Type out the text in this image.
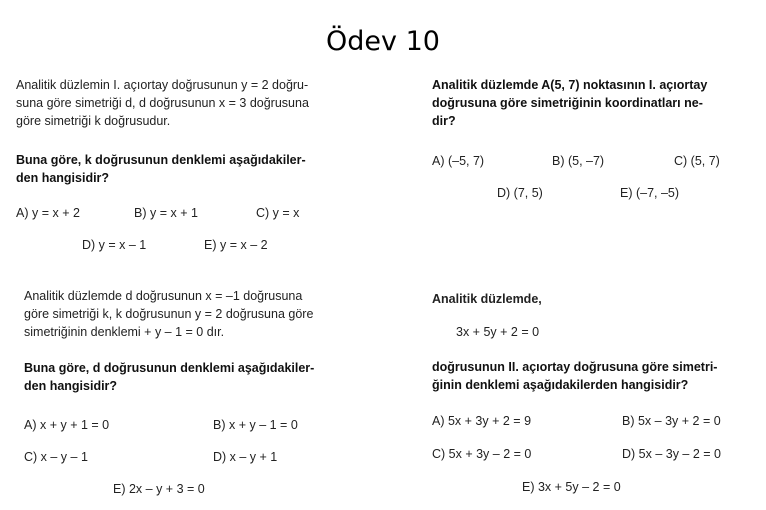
Ödev 10

Analitik düzlemin I. açıortay doğrusunun y = 2 doğru-

suna göre simetriği d, d doğrusunun x = 3 doğrusuna

göre simetriği k doğrusudur.

Buna göre, k doğrusunun denklemi aşağıdakiler-

den hangisidir?

A) y = x + 2	B) y = x + 1	C) y = x
D) y = x – 1	E) y = x – 2

Analitik düzlemde A(5, 7) noktasının I. açıortay

doğrusuna göre simetriğinin koordinatları ne-

dir?

A) (–5, 7)	B) (5, –7)	C) (5, 7)
D) (7, 5)	E) (–7, –5)

Analitik düzlemde d doğrusunun x = –1 doğrusuna

göre simetriği k, k doğrusunun y = 2 doğrusuna göre

simetriğinin denklemi + y – 1 = 0 dır.

Buna göre, d doğrusunun denklemi aşağıdakiler-

den hangisidir?

A) x + y + 1 = 0	B) x + y – 1 = 0
C) x – y – 1	D) x – y + 1
E) 2x – y + 3 = 0
Analitik düzlemde,
3x + 5y + 2 = 0

doğrusunun II. açıortay doğrusuna göre simetri-

ğinin denklemi aşağıdakilerden hangisidir?

A) 5x + 3y + 2 = 9	B) 5x – 3y + 2 = 0
C) 5x + 3y – 2 = 0	D) 5x – 3y – 2 = 0
E) 3x + 5y – 2 = 0
